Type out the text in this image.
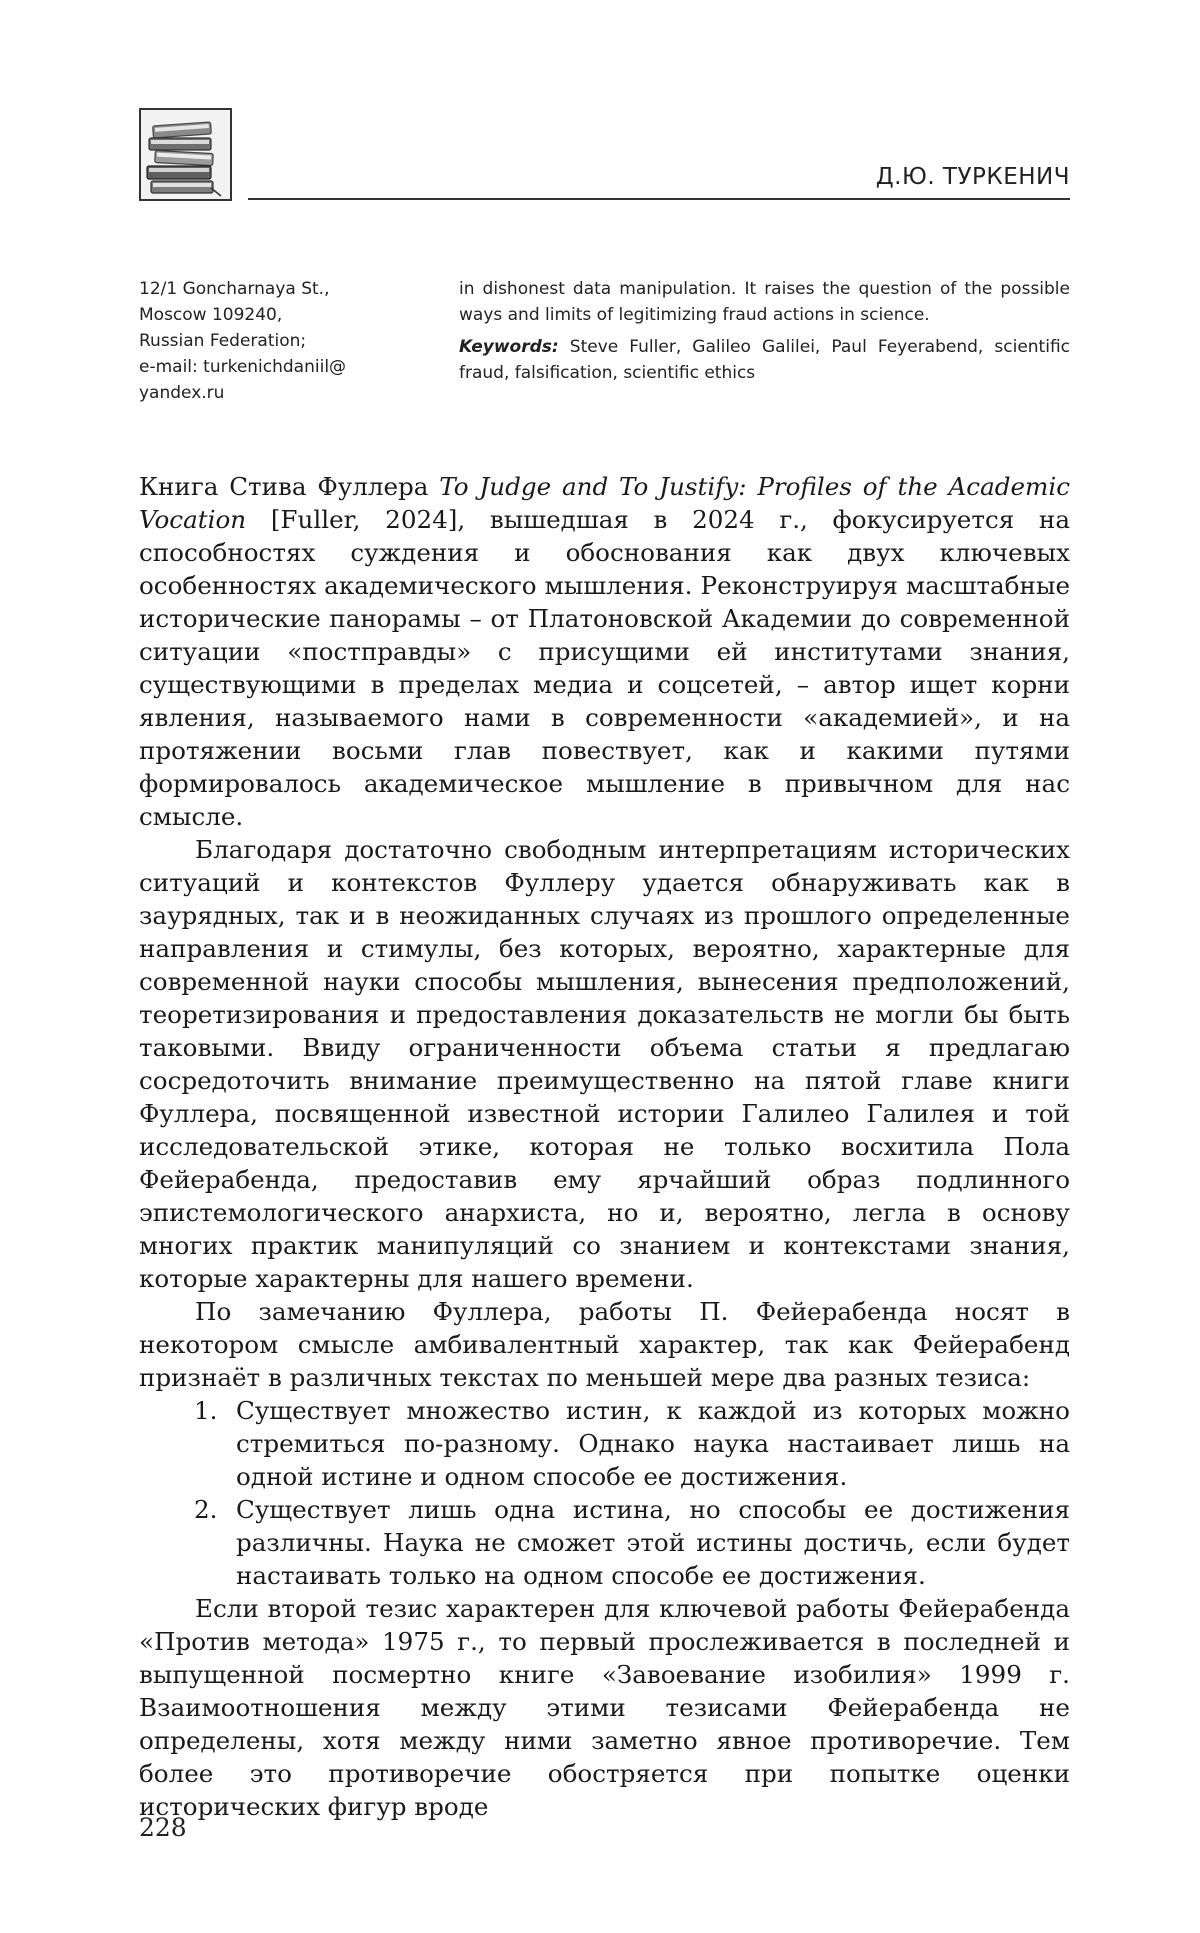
Д.Ю. ТУРКЕНИЧ
12/1 Goncharnaya St.,
Moscow 109240,
Russian Federation;
e-mail: turkenichdaniil@
yandex.ru

in dishonest data manipulation. It raises the question of the possible ways and limits of legitimizing fraud actions in science.

Keywords: Steve Fuller, Galileo Galilei, Paul Feyerabend, scientific fraud, falsification, scientific ethics

Книга Стива Фуллера To Judge and To Justify: Profiles of the Academic Vocation [Fuller, 2024], вышедшая в 2024 г., фокусируется на способностях суждения и обоснования как двух ключевых особенностях академического мышления. Реконструируя масштабные исторические панорамы – от Платоновской Академии до современной ситуации «постправды» с присущими ей институтами знания, существующими в пределах медиа и соцсетей, – автор ищет корни явления, называемого нами в современности «академией», и на протяжении восьми глав повествует, как и какими путями формировалось академическое мышление в привычном для нас смысле.

Благодаря достаточно свободным интерпретациям исторических ситуаций и контекстов Фуллеру удается обнаруживать как в заурядных, так и в неожиданных случаях из прошлого определенные направления и стимулы, без которых, вероятно, характерные для современной науки способы мышления, вынесения предположений, теоретизирования и предоставления доказательств не могли бы быть таковыми. Ввиду ограниченности объема статьи я предлагаю сосредоточить внимание преимущественно на пятой главе книги Фуллера, посвященной известной истории Галилео Галилея и той исследовательской этике, которая не только восхитила Пола Фейерабенда, предоставив ему ярчайший образ подлинного эпистемологического анархиста, но и, вероятно, легла в основу многих практик манипуляций со знанием и контекстами знания, которые характерны для нашего времени.

По замечанию Фуллера, работы П. Фейерабенда носят в некотором смысле амбивалентный характер, так как Фейерабенд признаёт в различных текстах по меньшей мере два разных тезиса:

1. Существует множество истин, к каждой из которых можно стремиться по-разному. Однако наука настаивает лишь на одной истине и одном способе ее достижения.
2. Существует лишь одна истина, но способы ее достижения различны. Наука не сможет этой истины достичь, если будет настаивать только на одном способе ее достижения.

Если второй тезис характерен для ключевой работы Фейерабенда «Против метода» 1975 г., то первый прослеживается в последней и выпущенной посмертно книге «Завоевание изобилия» 1999 г. Взаимоотношения между этими тезисами Фейерабенда не определены, хотя между ними заметно явное противоречие. Тем более это противоречие обостряется при попытке оценки исторических фигур вроде

228
